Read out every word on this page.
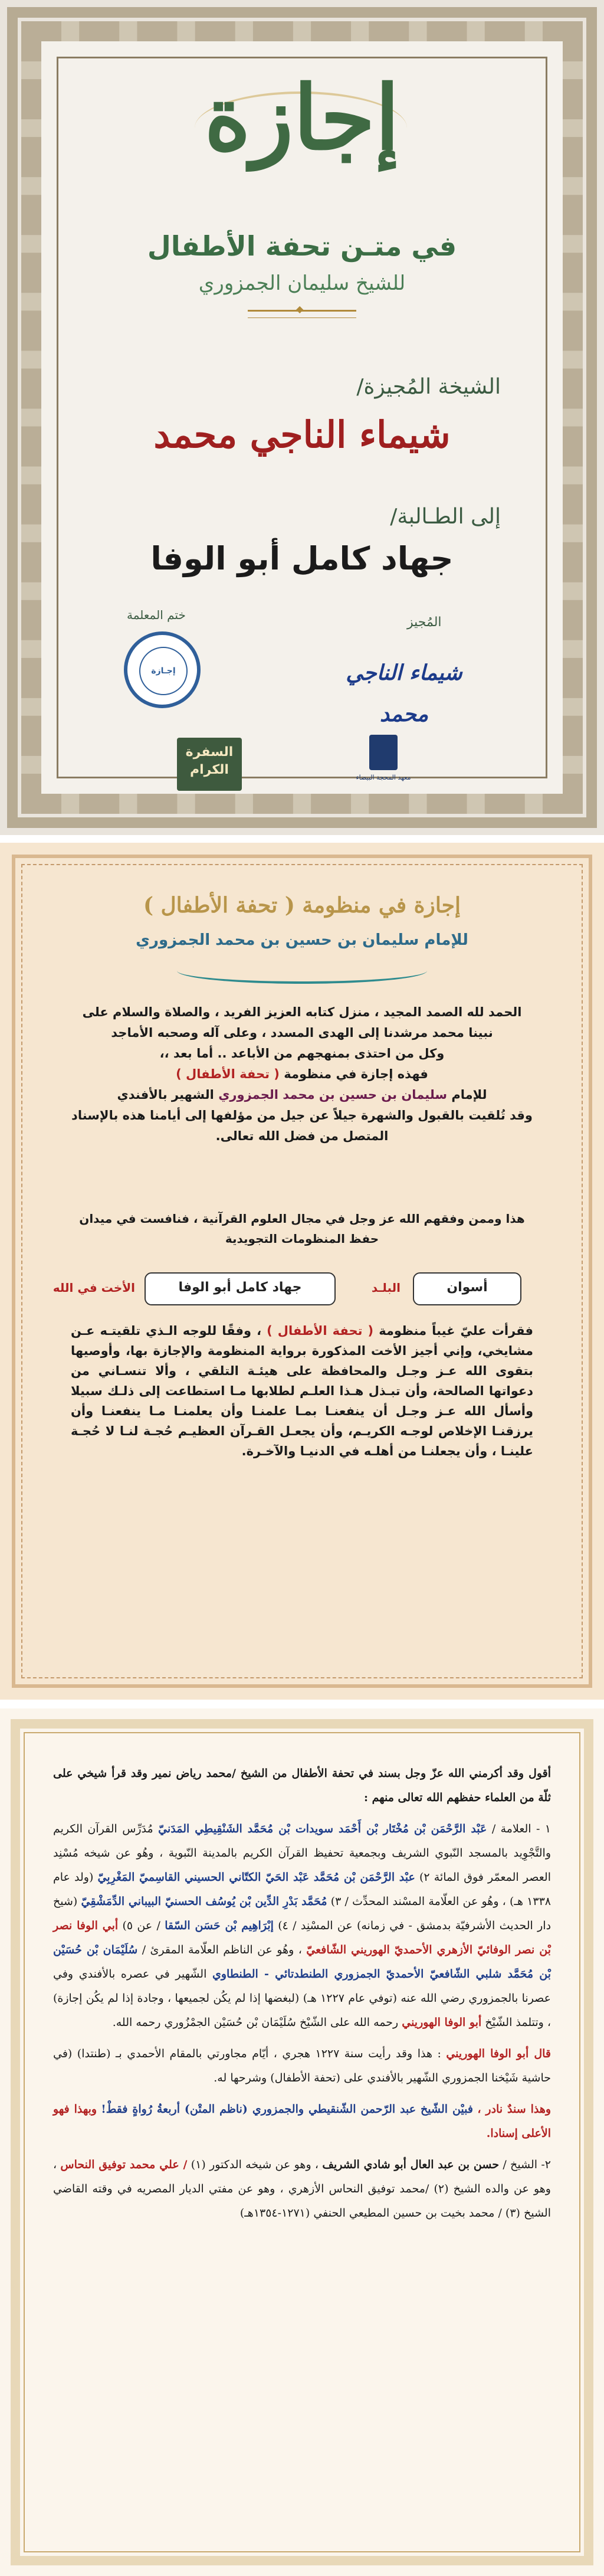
إجازة
في متـن تحفة الأطفال
للشيخ سليمان الجمزوري
◆
الشيخة المُجيزة/
شيماء الناجي محمد
إلى الطـالبة/
جهاد كامل أبو الوفا
ختم المعلمة	المُجيز
إجـازة	شيماء الناجي محمد
السفرة الكرام
معهد المحجة البيضاء
إجازة في منظومة ( تحفة الأطفال )
للإمام سليمان بن حسين بن محمد الجمزوري
الحمد لله الصمد المجيد ، منزل كتابه العزيز الفريد ، والصلاة والسلام على نبينا محمد مرشدنا إلى الهدى المسدد ، وعلى آله وصحبه الأماجد
وكل من احتذى بمنهجهم من الأباعد .. أما بعد ،،
فهذه إجازة في منظومة ( تحفة الأطفال )
للإمام سليمان بن حسين بن محمد الجمزوري الشهير بالأفندي
وقد تُلقيت بالقبول والشهرة جيلاً عن جيل من مؤلفها إلى أيامنا هذه بالإسناد المتصل من فضل الله تعالى.
هذا وممن وفقهم الله عز وجل في مجال العلوم القرآنية ، فنافست في ميدان حفظ المنظومات التجويدية
الأخت في الله	جهاد كامل أبو الوفا	البلـد	أسوان
فقرأت عليّ غيباً منظومة ( تحفة الأطفال ) ، وفقًا للوجه الـذي تلقيتـه عـن مشايخي، وإني أجيز الأخت المذكورة برواية المنظومة والإجازة بها، وأوصيها بتقوى الله عـز وجـل والمحافظة على هيئـة التلقي ، وألا تنسـاني من دعواتها الصالحة، وأن تبـذل هـذا العلـم لطلابها مـا استطاعت إلى ذلـك سبيلا وأسأل الله عـز وجـل أن ينفعنـا بمـا علمنـا وأن يعلمنـا مـا ينفعنـا وأن يرزقنـا الإخلاص لوجـه الكريـم، وأن يجعـل القـرآن العظيـم حُجـة لنـا لا حُجـة علينـا ، وأن يجعلنـا من أهلـه في الدنيـا والآخـرة.

أقول وقد أكرمني الله عزّ وجل بسند في تحفة الأطفال من الشيخ /محمد رياض نمير وقد قرأ شيخي على ثلّة من العلماء حفظهم الله تعالى منهم :

١ - العلامة / عَبْد الرَّحْمَن بْن مُخْتَار بْن أَحْمَد سويدات بْن مُحَمَّد الشَنْقِيطِي المَدَنيّ مُدَرِّس القرآن الكريم والتَّجْوِيد بالمسجد النّبوي الشريف وبجمعية تحفيظ القرآن الكريم بالمدينة النّبوية ، وهُو عن شيخه مُسْنِد العصر المعمّر فوق المائة ٢) عبْد الرَّحْمَن بْن مُحَمَّد عَبْد الحَيّ الكتّاني الحسيني القاسِميّ المَغْرِبِيّ (ولد عام ١٣٣٨ هـ) ، وهُو عن العلّامة المسْند المحدِّث / ٣) مُحَمَّد بَدْرِ الدِّين بْن يُوسُف الحسنيّ البيباني الدِّمَشْقِيّ (شيخ دار الحديث الأشرفيّة بدمشق - في زمانه) عن المسْنِد / ٤) إبْرَاهِيم بْن حَسَن السّقا / عن ٥) أبي الوفا نصر بْن نصر الوفائيّ الأزهري الأحمديّ الهوريني الشّافعيّ ، وهُو عن الناظم العلّامة المقرئ / سُلَيْمَان بْن حُسَيْن بْن مُحَمَّد شلبي الشّافعيّ الأحمديّ الجمزوري الطنطدتائي - الطنطاوي الشّهير في عصره بالأفندي وفي عصرنا بالجمزوري رضي الله عنه (توفي عام ١٢٢٧ هـ) (لبغضها إذا لم يكُن لجميعها ، وجادة إذا لم يكُن إجازة) ، وتتلمذ الشّيْخ أبو الوفا الهوريني رحمه الله على الشّيْخ سُلَيْمَان بْن حُسَيْن الجمْزُوري رحمه الله.

قال أبو الوفا الهوريني : هذا وقد رأيت سنة ١٢٢٧ هجري ، أيّام مجاورتي بالمقام الأحمدي بـ (طنتدا) (في حاشية شَيْخنا الجمزوري الشّهير بالأفندي على (تحفة الأطفال) وشرحها له.

وهذا سندٌ نادر ، فبيْن الشّيخ عبد الرّحمن الشّنقيطي والجمزوري (ناظم المتْن) أربعةُ رُواةٍ فقطْ! وبهذا فهو الأعلى إسنادا.

٢- الشيخ / حسن بن عبد العال أبو شادي الشريف ، وهو عن شيخه الدكتور (١) / علي محمد توفيق النحاس ، وهو عن والده الشيخ (٢) /محمد توفيق النحاس الأزهري ، وهو عن مفتي الديار المصريه في وقته القاضي الشيخ (٣) / محمد بخيت بن حسين المطيعي الحنفي (١٢٧١-١٣٥٤هـ)
